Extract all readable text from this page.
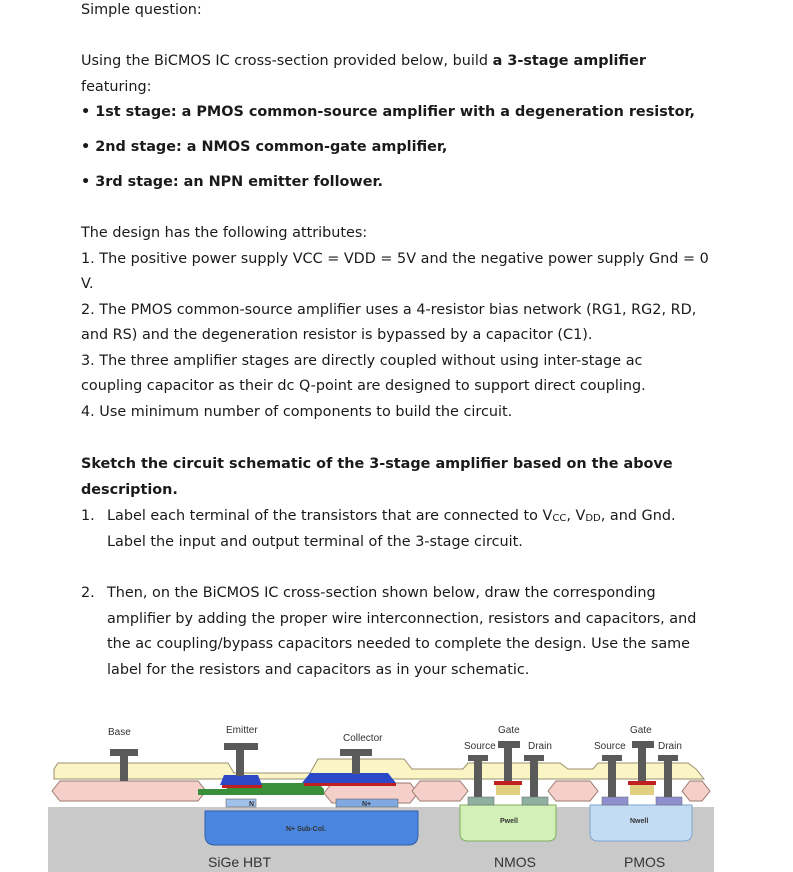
Simple question:
Using the BiCMOS IC cross-section provided below, build a 3-stage amplifier
featuring:
• 1st stage: a PMOS common-source amplifier with a degeneration resistor,
• 2nd stage: a NMOS common-gate amplifier,
• 3rd stage: an NPN emitter follower.
The design has the following attributes:
1. The positive power supply VCC = VDD = 5V and the negative power supply Gnd = 0
V.
2. The PMOS common-source amplifier uses a 4-resistor bias network (RG1, RG2, RD,
and RS) and the degeneration resistor is bypassed by a capacitor (C1).
3. The three amplifier stages are directly coupled without using inter-stage ac
coupling capacitor as their dc Q-point are designed to support direct coupling.
4. Use minimum number of components to build the circuit.
Sketch the circuit schematic of the 3-stage amplifier based on the above
description.
1. Label each terminal of the transistors that are connected to $V_{CC}$, $V_{DD}$, and Gnd.
Label the input and output terminal of the 3-stage circuit.
2. Then, on the BiCMOS IC cross-section shown below, draw the corresponding
amplifier by adding the proper wire interconnection, resistors and capacitors, and
the ac coupling/bypass capacitors needed to complete the design. Use the same
label for the resistors and capacitors as in your schematic.
Base	Emitter
Collector
Gate
Source	Drain
Gate
Source	Drain
N	N+
N+ Sub-Col.
Pwell	Nwell
SiGe HBT	NMOS	PMOS
